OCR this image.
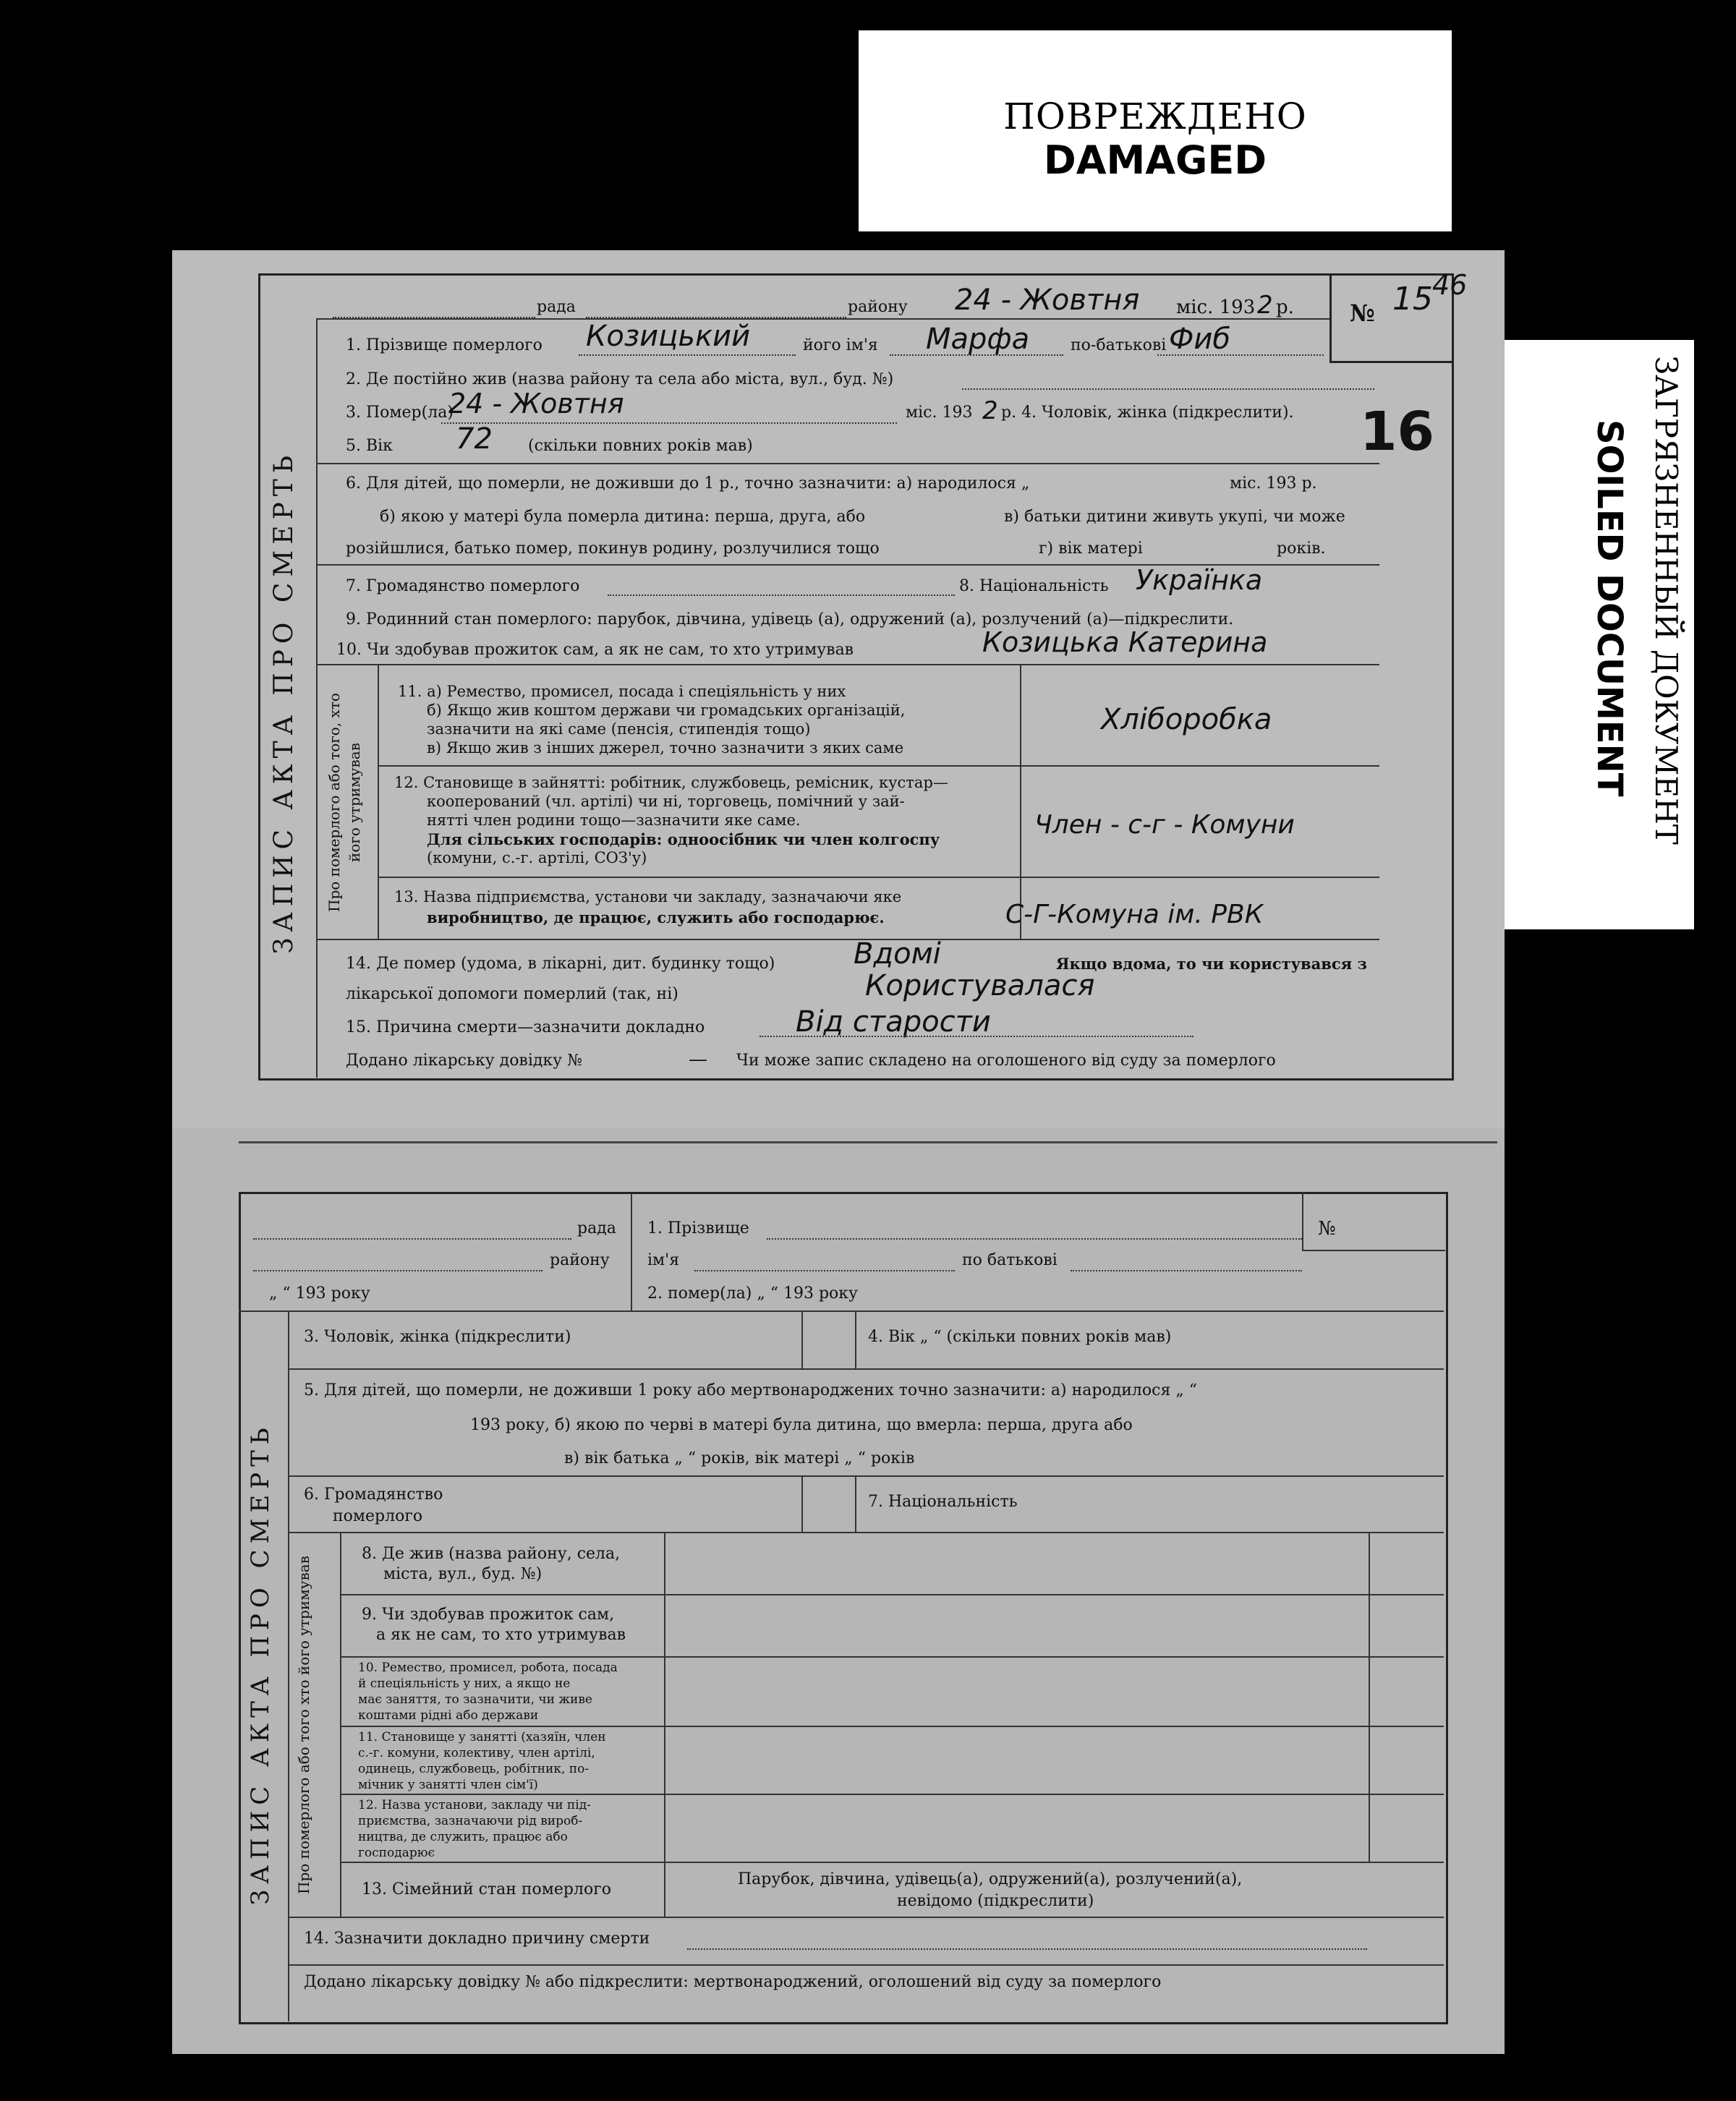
ПОВРЕЖДЕНО
DAMAGED
ЗАГРЯЗНЕННЫЙ ДОКУМЕНТ
SOILED DOCUMENT
ЗАПИС АКТА ПРО СМЕРТЬ
№ 15 46
16
рада	району 24 - Жовтня міс. 193 2 р.
1. Прізвище померлого Козицький	його ім'я Марфа	по-батькові Фиб
2. Де постійно жив (назва району та села або міста, вул., буд. №)
3. Помер(ла)
24 - Жовтня	міс. 193 2 р. 4. Чоловік, жінка (підкреслити).
5. Вік 72 (скільки повних років мав)
6. Для дітей, що померли, не доживши до 1 р., точно зазначити: а) народилося „	міс. 193 р.
б) якою у матері була померла дитина: перша, друга, або	в) батьки дитини живуть укупі, чи може
розійшлися, батько помер, покинув родину, розлучилися тощо	г) вік матері	років.
7. Громадянство померлого	8. Національність Українка
9. Родинний стан померлого: парубок, дівчина, удівець (а), одружений (а), розлучений (а)—підкреслити.
10. Чи здобував прожиток сам, а як не сам, то хто утримував	Козицька Катерина
Про померлого або того, хто його утримував
11. а) Ремество, промисел, посада і спеціяльність у них
б) Якщо жив коштом держави чи громадських організацій,
зазначити на які саме (пенсія, стипендія тощо)
в) Якщо жив з інших джерел, точно зазначити з яких саме
Хліборобка
12. Становище в зайнятті: робітник, службовець, ремісник, кустар—
кооперований (чл. артілі) чи ні, торговець, помічний у зай-
нятті член родини тощо—зазначити яке саме.
Для сільських господарів: одноосібник чи член колгоспу
(комуни, с.-г. артілі, СОЗ'у)
Член - с-г - Комуни
13. Назва підприємства, установи чи закладу, зазначаючи яке
виробництво, де працює, служить або господарює.	С-Г-Комуна ім. РВК
14. Де помер (удома, в лікарні, дит. будинку тощо)	Вдомі	Якщо вдома, то чи користувався з
лікарської допомоги померлий (так, ні)	Користувалася
15. Причина смерти—зазначити докладно	Від старости
Додано лікарську довідку №	— Чи може запис складено на оголошеного від суду за померлого
ЗАПИС АКТА ПРО СМЕРТЬ
рада
району
„ “ 193 року
1. Прізвище
ім'я	по батькові
2. помер(ла) „ “ 193 року
№
3. Чоловік, жінка (підкреслити)	4. Вік „ “ (скільки повних років мав)
5. Для дітей, що померли, не доживши 1 року або мертвонароджених точно зазначити: а) народилося „ “
193 року, б) якою по черві в матері була дитина, що вмерла: перша, друга або
в) вік батька „ “ років, вік матері „ “ років
6. Громадянство
померлого
7. Національність
Про померлого або того хто його утримував
8. Де жив (назва району, села,
міста, вул., буд. №)
9. Чи здобував прожиток сам,
а як не сам, то хто утримував
10. Ремество, промисел, робота, посада
й спеціяльність у них, а якщо не
має заняття, то зазначити, чи живе
коштами рідні або держави
11. Становище у занятті (хазяїн, член
с.-г. комуни, колективу, член артілі,
одинець, службовець, робітник, по-
мічник у занятті член сім'ї)
12. Назва установи, закладу чи під-
приємства, зазначаючи рід вироб-
ництва, де служить, працює або
господарює
13. Сімейний стан померлого
Парубок, дівчина, удівець(а), одружений(а), розлучений(а),
невідомо (підкреслити)
14. Зазначити докладно причину смерти
Додано лікарську довідку № або підкреслити: мертвонароджений, оголошений від суду за померлого
